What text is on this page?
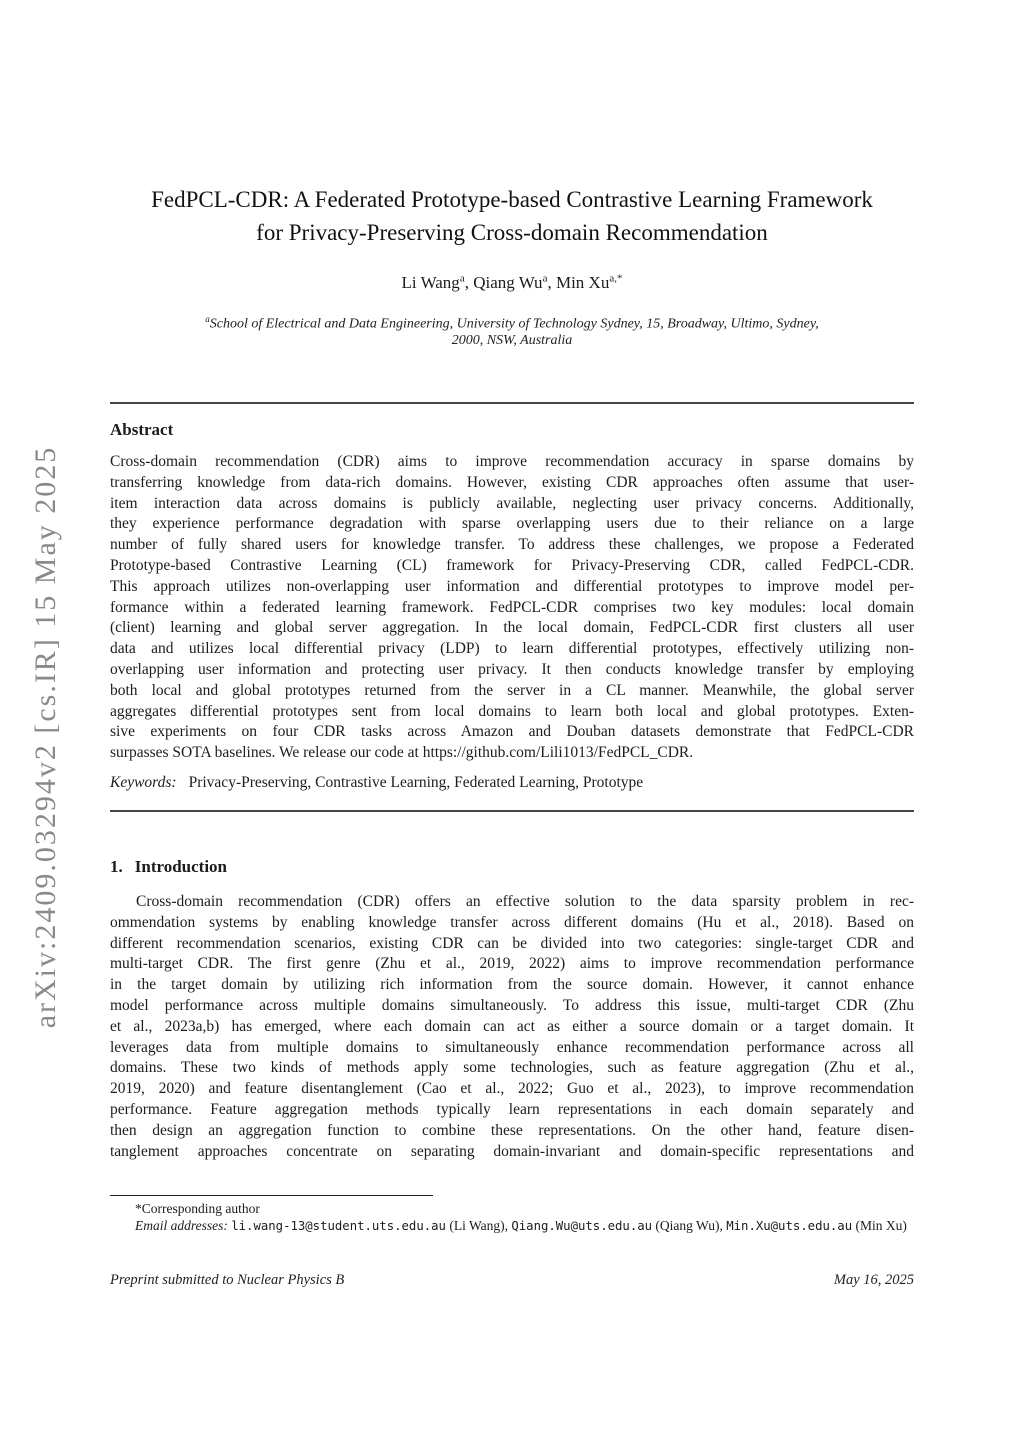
arXiv:2409.03294v2 [cs.IR] 15 May 2025
FedPCL-CDR: A Federated Prototype-based Contrastive Learning Framework for Privacy-Preserving Cross-domain Recommendation
Li Wang$^a$, Qiang Wu$^a$, Min $Xu^{a,*}$
$^a$School of Electrical and Data Engineering, University of Technology Sydney, 15, Broadway, Ultimo, Sydney, 2000, NSW, Australia
Abstract
Cross-domain recommendation (CDR) aims to improve recommendation accuracy in sparse domains by
transferring knowledge from data-rich domains. However, existing CDR approaches often assume that user-
item interaction data across domains is publicly available, neglecting user privacy concerns. Additionally,
they experience performance degradation with sparse overlapping users due to their reliance on a large
number of fully shared users for knowledge transfer. To address these challenges, we propose a Federated
Prototype-based Contrastive Learning (CL) framework for Privacy-Preserving CDR, called FedPCL-CDR.
This approach utilizes non-overlapping user information and differential prototypes to improve model per-
formance within a federated learning framework. FedPCL-CDR comprises two key modules: local domain
(client) learning and global server aggregation. In the local domain, FedPCL-CDR first clusters all user
data and utilizes local differential privacy (LDP) to learn differential prototypes, effectively utilizing non-
overlapping user information and protecting user privacy. It then conducts knowledge transfer by employing
both local and global prototypes returned from the server in a CL manner. Meanwhile, the global server
aggregates differential prototypes sent from local domains to learn both local and global prototypes. Exten-
sive experiments on four CDR tasks across Amazon and Douban datasets demonstrate that FedPCL-CDR
surpasses SOTA baselines. We release our code at https://github.com/Lili1013/FedPCL_CDR.
Keywords: Privacy-Preserving, Contrastive Learning, Federated Learning, Prototype
1. Introduction
Cross-domain recommendation (CDR) offers an effective solution to the data sparsity problem in rec-
ommendation systems by enabling knowledge transfer across different domains (Hu et al., 2018). Based on
different recommendation scenarios, existing CDR can be divided into two categories: single-target CDR and
multi-target CDR. The first genre (Zhu et al., 2019, 2022) aims to improve recommendation performance
in the target domain by utilizing rich information from the source domain. However, it cannot enhance
model performance across multiple domains simultaneously. To address this issue, multi-target CDR (Zhu
et al., 2023a,b) has emerged, where each domain can act as either a source domain or a target domain. It
leverages data from multiple domains to simultaneously enhance recommendation performance across all
domains. These two kinds of methods apply some technologies, such as feature aggregation (Zhu et al.,
2019, 2020) and feature disentanglement (Cao et al., 2022; Guo et al., 2023), to improve recommendation
performance. Feature aggregation methods typically learn representations in each domain separately and
then design an aggregation function to combine these representations. On the other hand, feature disen-
tanglement approaches concentrate on separating domain-invariant and domain-specific representations and

*Corresponding author

Email addresses: li.wang-13@student.uts.edu.au (Li Wang), Qiang.Wu@uts.edu.au (Qiang Wu), Min.Xu@uts.edu.au (Min Xu)

Preprint submitted to Nuclear Physics B	May 16, 2025
